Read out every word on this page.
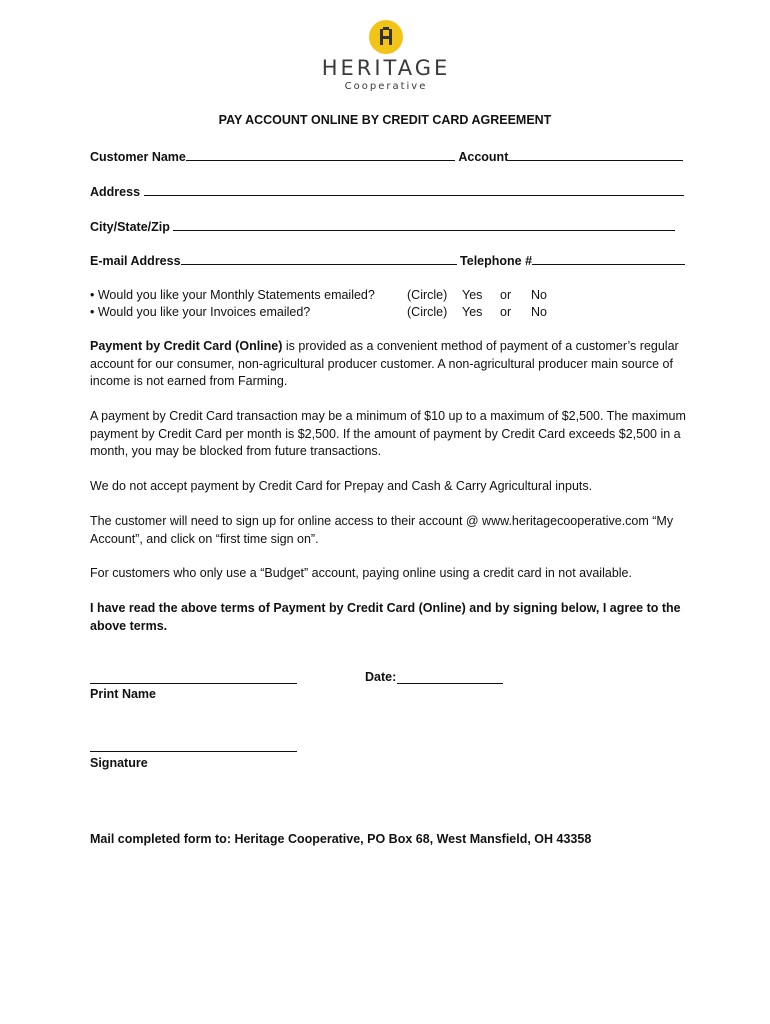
HERITAGE
Cooperative
PAY ACCOUNT ONLINE BY CREDIT CARD AGREEMENT
Customer Name	Account
Address
City/State/Zip
E-mail Address	Telephone #
• Would you like your Monthly Statements emailed?	(Circle) Yes or No
• Would you like your Invoices emailed?	(Circle) Yes or No
Payment by Credit Card (Online) is provided as a convenient method of payment of a customer’s regular account for our consumer, non-agricultural producer customer. A non-agricultural producer main source of income is not earned from Farming.
A payment by Credit Card transaction may be a minimum of $10 up to a maximum of $2,500. The maximum payment by Credit Card per month is $2,500. If the amount of payment by Credit Card exceeds $2,500 in a month, you may be blocked from future transactions.
We do not accept payment by Credit Card for Prepay and Cash & Carry Agricultural inputs.
The customer will need to sign up for online access to their account @ www.heritagecooperative.com “My Account”, and click on “first time sign on”.
For customers who only use a “Budget” account, paying online using a credit card in not available.
I have read the above terms of Payment by Credit Card (Online) and by signing below, I agree to the above terms.
Print Name
Date:
Signature
Mail completed form to: Heritage Cooperative, PO Box 68, West Mansfield, OH 43358
